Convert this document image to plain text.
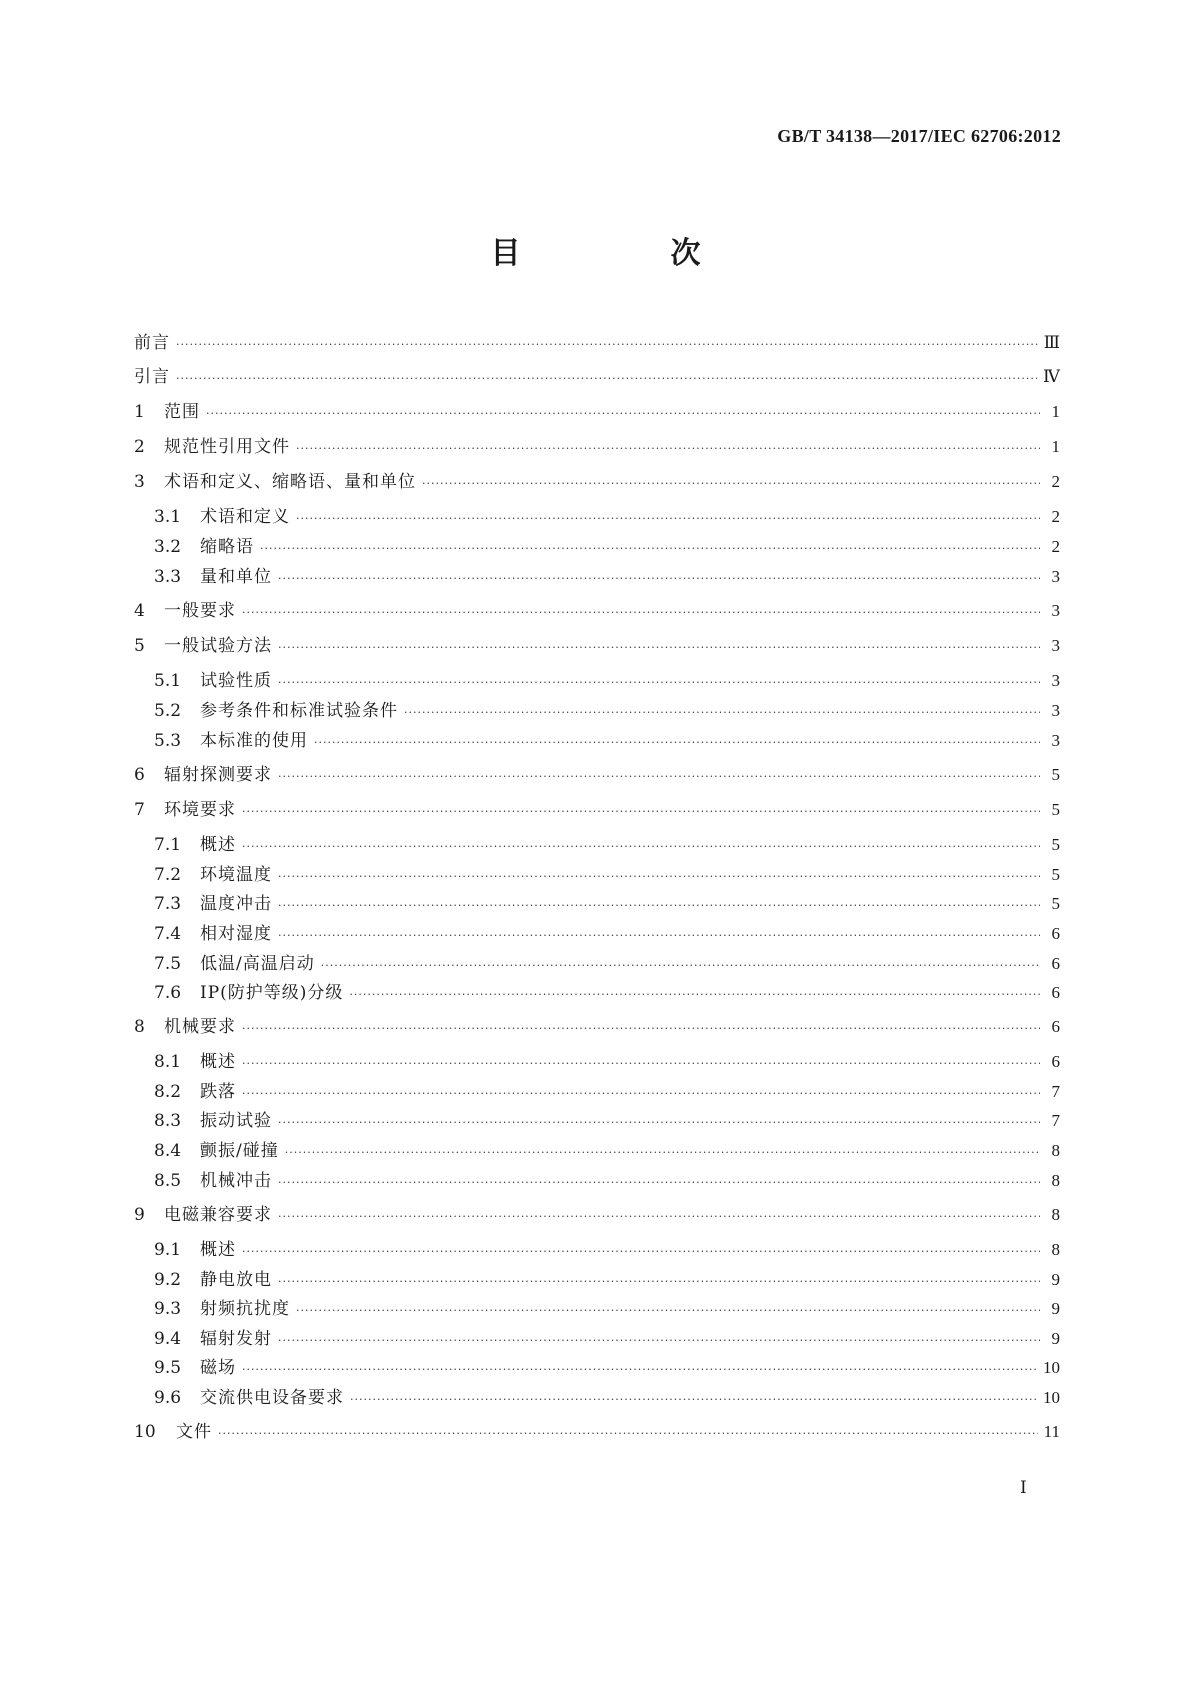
GB/T 34138—2017/IEC 62706:2012
目　次
前言 ·····	Ⅲ
引言 ·····	Ⅳ
1	范围 ·····	1
2	规范性引用文件 ·····	1
3	术语和定义、缩略语、量和单位 ·····	2
3.1	术语和定义 ·····	2
3.2	缩略语 ·····	2
3.3	量和单位 ·····	3
4	一般要求 ·····	3
5	一般试验方法 ·····	3
5.1	试验性质 ·····	3
5.2	参考条件和标准试验条件 ·····	3
5.3	本标准的使用 ·····	3
6	辐射探测要求 ·····	5
7	环境要求 ·····	5
7.1	概述 ·····	5
7.2	环境温度 ·····	5
7.3	温度冲击 ·····	5
7.4	相对湿度 ·····	6
7.5	低温/高温启动 ·····	6
7.6	IP(防护等级)分级 ·····	6
8	机械要求 ·····	6
8.1	概述 ·····	6
8.2	跌落 ·····	7
8.3	振动试验 ·····	7
8.4	颤振/碰撞 ·····	8
8.5	机械冲击 ·····	8
9	电磁兼容要求 ·····	8
9.1	概述 ·····	8
9.2	静电放电 ·····	9
9.3	射频抗扰度 ·····	9
9.4	辐射发射 ·····	9
9.5	磁场 ·····	10
9.6	交流供电设备要求 ·····	10
10	文件 ·····	11
Ⅰ
